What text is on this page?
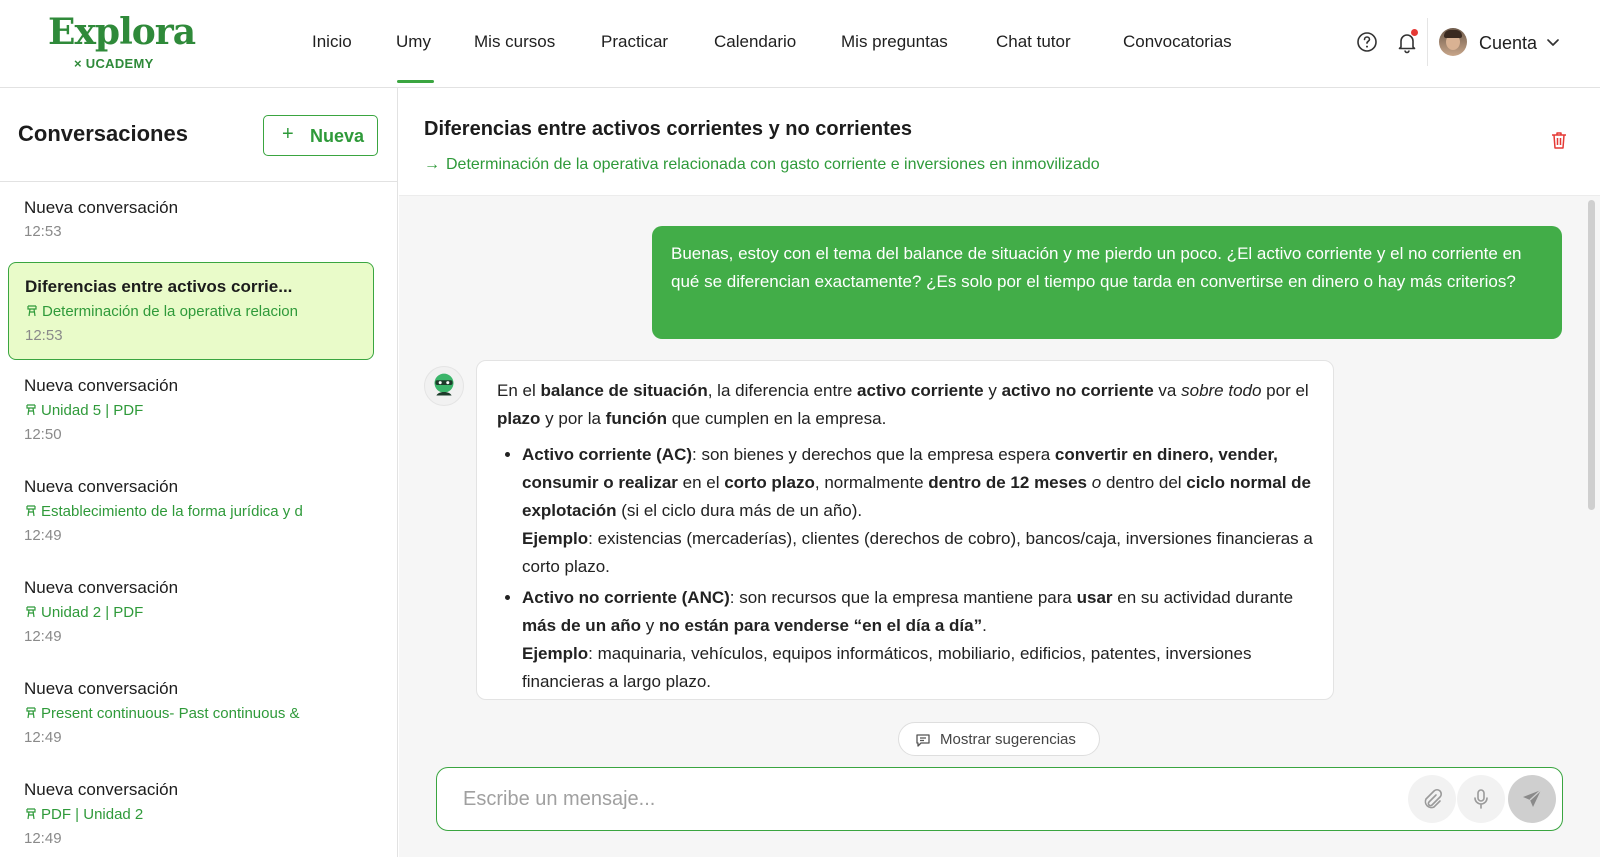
Explora
× UCADEMY
Inicio	Umy	Mis cursos	Practicar	Calendario	Mis preguntas	Chat tutor	Convocatorias	Cuenta
Conversaciones	+ Nueva
Nueva conversación
12:53
Diferencias entre activos corrie...
Determinación de la operativa relacion
12:53
Nueva conversación
Unidad 5 | PDF
12:50
Nueva conversación
Establecimiento de la forma jurídica y d
12:49
Nueva conversación
Unidad 2 | PDF
12:49
Nueva conversación
Present continuous- Past continuous &
12:49
Nueva conversación
PDF | Unidad 2
12:49
Diferencias entre activos corrientes y no corrientes
→ Determinación de la operativa relacionada con gasto corriente e inversiones en inmovilizado
Buenas, estoy con el tema del balance de situación y me pierdo un poco. ¿El activo corriente y el no corriente en qué se diferencian exactamente? ¿Es solo por el tiempo que tarda en convertirse en dinero o hay más criterios?

En el balance de situación, la diferencia entre activo corriente y activo no corriente va sobre todo por el plazo y por la función que cumplen en la empresa.

• Activo corriente (AC): son bienes y derechos que la empresa espera convertir en dinero, vender, consumir o realizar en el corto plazo, normalmente dentro de 12 meses o dentro del ciclo normal de explotación (si el ciclo dura más de un año).
Ejemplo: existencias (mercaderías), clientes (derechos de cobro), bancos/caja, inversiones financieras a corto plazo.
• Activo no corriente (ANC): son recursos que la empresa mantiene para usar en su actividad durante más de un año y no están para venderse “en el día a día”.
Ejemplo: maquinaria, vehículos, equipos informáticos, mobiliario, edificios, patentes, inversiones financieras a largo plazo.
Mostrar sugerencias
Escribe un mensaje...
